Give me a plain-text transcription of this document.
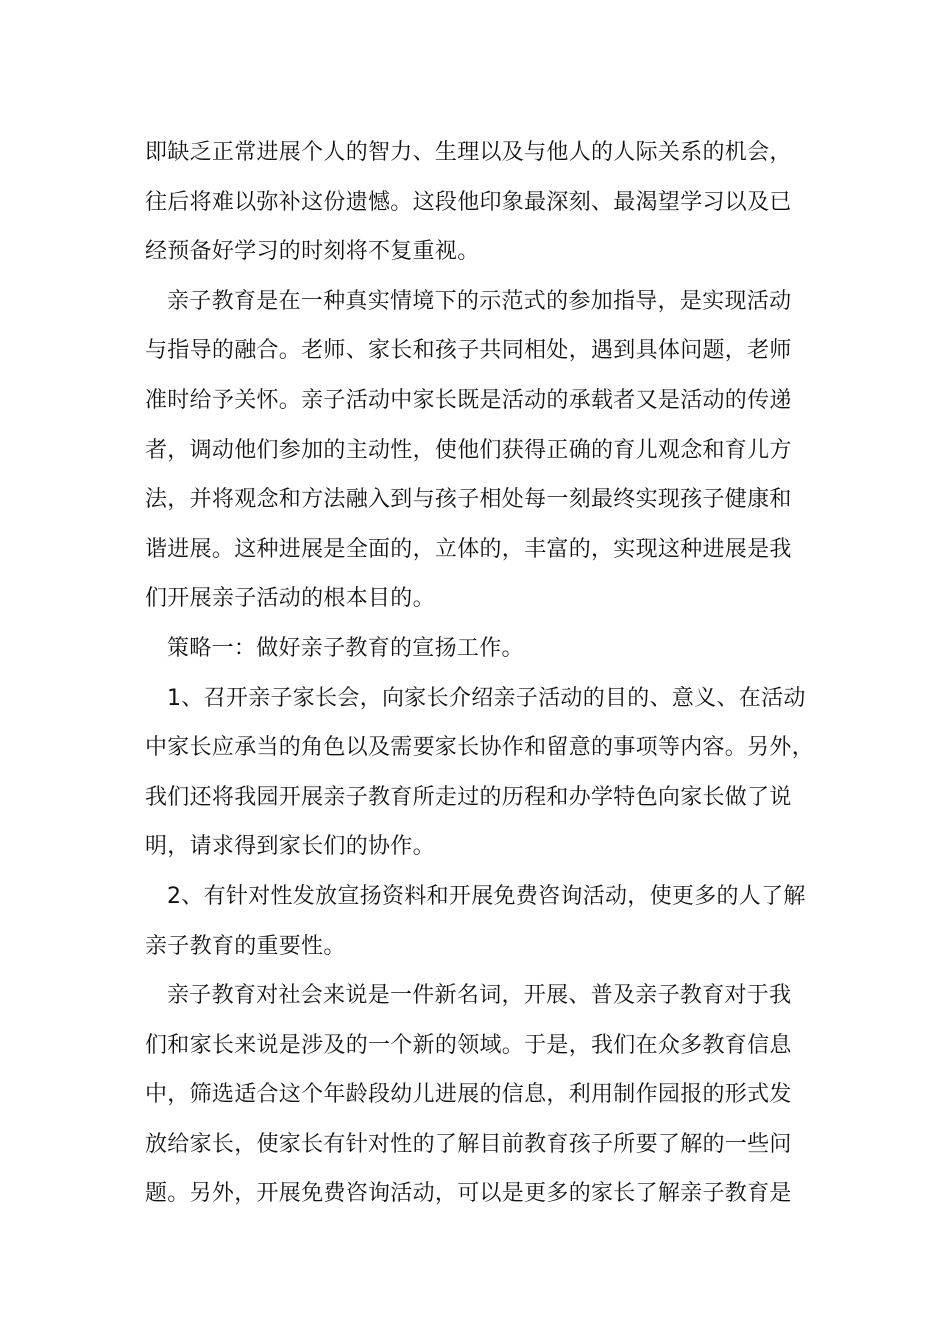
即缺乏正常进展个人的智力、生理以及与他人的人际关系的机会，
往后将难以弥补这份遗憾。这段他印象最深刻、最渴望学习以及已
经预备好学习的时刻将不复重视。
亲子教育是在一种真实情境下的示范式的参加指导，是实现活动
与指导的融合。老师、家长和孩子共同相处，遇到具体问题，老师
准时给予关怀。亲子活动中家长既是活动的承载者又是活动的传递
者，调动他们参加的主动性，使他们获得正确的育儿观念和育儿方
法，并将观念和方法融入到与孩子相处每一刻最终实现孩子健康和
谐进展。这种进展是全面的，立体的，丰富的，实现这种进展是我
们开展亲子活动的根本目的。
策略一：做好亲子教育的宣扬工作。
1、召开亲子家长会，向家长介绍亲子活动的目的、意义、在活动
中家长应承当的角色以及需要家长协作和留意的事项等内容。另外，
我们还将我园开展亲子教育所走过的历程和办学特色向家长做了说
明，请求得到家长们的协作。
2、有针对性发放宣扬资料和开展免费咨询活动，使更多的人了解
亲子教育的重要性。
亲子教育对社会来说是一件新名词，开展、普及亲子教育对于我
们和家长来说是涉及的一个新的领域。于是，我们在众多教育信息
中，筛选适合这个年龄段幼儿进展的信息，利用制作园报的形式发
放给家长，使家长有针对性的了解目前教育孩子所要了解的一些问
题。另外，开展免费咨询活动，可以是更多的家长了解亲子教育是
